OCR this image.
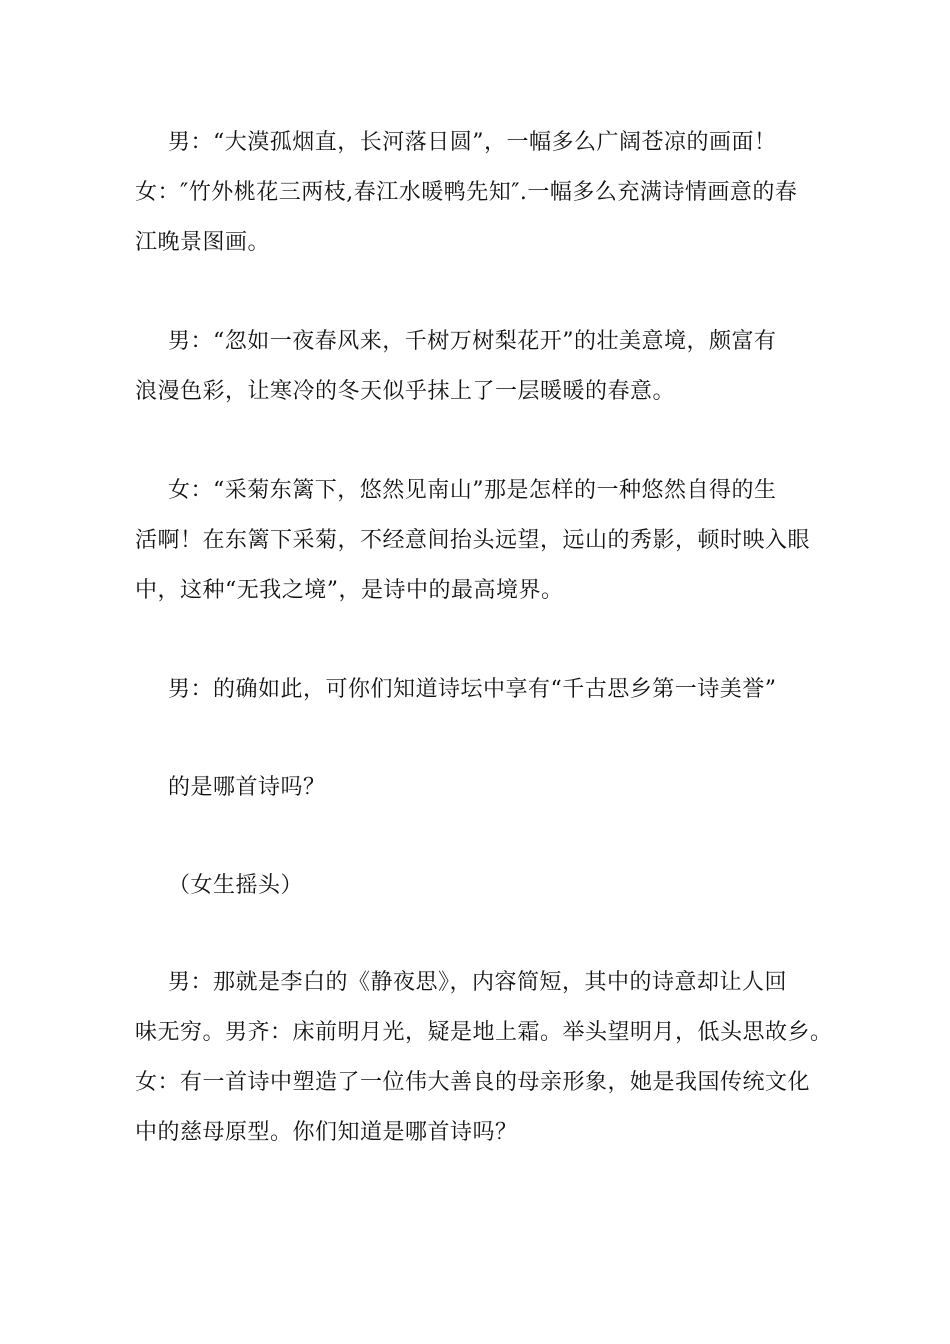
男：“大漠孤烟直，长河落日圆”，一幅多么广阔苍凉的画面！
女：″竹外桃花三两枝,春江水暖鸭先知″.一幅多么充满诗情画意的春
江晚景图画。
男：“忽如一夜春风来，千树万树梨花开”的壮美意境，颇富有
浪漫色彩，让寒冷的冬天似乎抹上了一层暖暖的春意。
女：“采菊东篱下，悠然见南山”那是怎样的一种悠然自得的生
活啊！在东篱下采菊，不经意间抬头远望，远山的秀影，顿时映入眼
中，这种“无我之境”，是诗中的最高境界。
男：的确如此，可你们知道诗坛中享有“千古思乡第一诗美誉”
的是哪首诗吗？
（女生摇头）
男：那就是李白的《静夜思》，内容简短，其中的诗意却让人回
味无穷。男齐：床前明月光，疑是地上霜。举头望明月，低头思故乡。
女：有一首诗中塑造了一位伟大善良的母亲形象，她是我国传统文化
中的慈母原型。你们知道是哪首诗吗？
